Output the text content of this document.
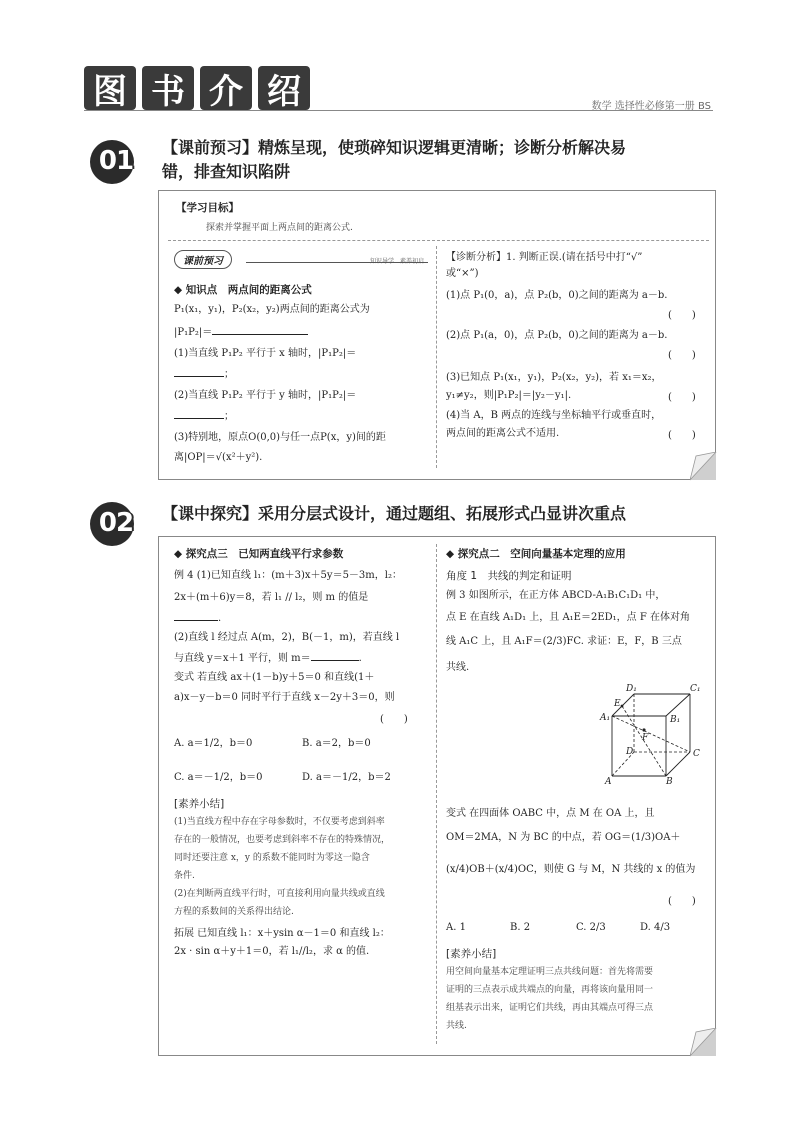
图 书 介 绍	数学 选择性必修第一册 BS
01	【课前预习】精炼呈现，使琐碎知识逻辑更清晰；诊断分析解决易
错，排查知识陷阱
【学习目标】
探索并掌握平面上两点间的距离公式.
课前预习	知识导学　素养初启
◆ 知识点　两点间的距离公式
P₁(x₁，y₁)，P₂(x₂，y₂)两点间的距离公式为
|P₁P₂|＝
(1)当直线 P₁P₂ 平行于 x 轴时，|P₁P₂|＝
；
(2)当直线 P₁P₂ 平行于 y 轴时，|P₁P₂|＝
；
(3)特别地，原点O(0,0)与任一点P(x，y)间的距
离|OP|＝√(x²＋y²).
【诊断分析】1. 判断正误.(请在括号中打“√”
或“×”)
(1)点 P₁(0，a)，点 P₂(b，0)之间的距离为 a－b.
(　　)
(2)点 P₁(a，0)，点 P₂(b，0)之间的距离为 a－b.
(　　)
(3)已知点 P₁(x₁，y₁)，P₂(x₂，y₂)，若 x₁＝x₂，
y₁≠y₂，则|P₁P₂|＝|y₂－y₁|.	(　　)
(4)当 A，B 两点的连线与坐标轴平行或垂直时，
两点间的距离公式不适用.	(　　)
02	【课中探究】采用分层式设计，通过题组、拓展形式凸显讲次重点
◆ 探究点三　已知两直线平行求参数
例 4 (1)已知直线 l₁：(m＋3)x＋5y＝5－3m，l₂：
2x＋(m＋6)y＝8，若 l₁ // l₂，则 m 的值是
.
(2)直线 l 经过点 A(m，2)，B(－1，m)，若直线 l
与直线 y＝x＋1 平行，则 m＝	.
变式 若直线 ax＋(1－b)y＋5＝0 和直线(1＋
a)x－y－b＝0 同时平行于直线 x－2y＋3＝0，则
(　　)
A. a＝1/2，b＝0	B. a＝2，b＝0
C. a＝－1/2，b＝0	D. a＝－1/2，b＝2
[素养小结]
(1)当直线方程中存在字母参数时，不仅要考虑到斜率
存在的一般情况，也要考虑到斜率不存在的特殊情况，
同时还要注意 x，y 的系数不能同时为零这一隐含
条件.
(2)在判断两直线平行时，可直接利用向量共线或直线
方程的系数间的关系得出结论.
拓展 已知直线 l₁：x＋ysin α－1＝0 和直线 l₂：
2x · sin α＋y＋1＝0，若 l₁//l₂，求 α 的值.
◆ 探究点二　空间向量基本定理的应用
角度 1　共线的判定和证明
例 3 如图所示，在正方体 ABCD-A₁B₁C₁D₁ 中，
点 E 在直线 A₁D₁ 上，且 A₁E＝2ED₁，点 F 在体对角
线 A₁C 上，且 A₁F＝(2/3)FC. 求证：E，F，B 三点
共线.
D₁	C₁
A₁	B₁
E
F
D	C
A	B
变式 在四面体 OABC 中，点 M 在 OA 上，且
OM＝2MA，N 为 BC 的中点，若 OG＝(1/3)OA＋
(x/4)OB＋(x/4)OC，则使 G 与 M，N 共线的 x 的值为
(　　)
A. 1	B. 2	C. 2/3	D. 4/3
[素养小结]
用空间向量基本定理证明三点共线问题：首先将需要
证明的三点表示成共端点的向量，再将该向量用同一
组基表示出来，证明它们共线，再由其端点可得三点
共线.
